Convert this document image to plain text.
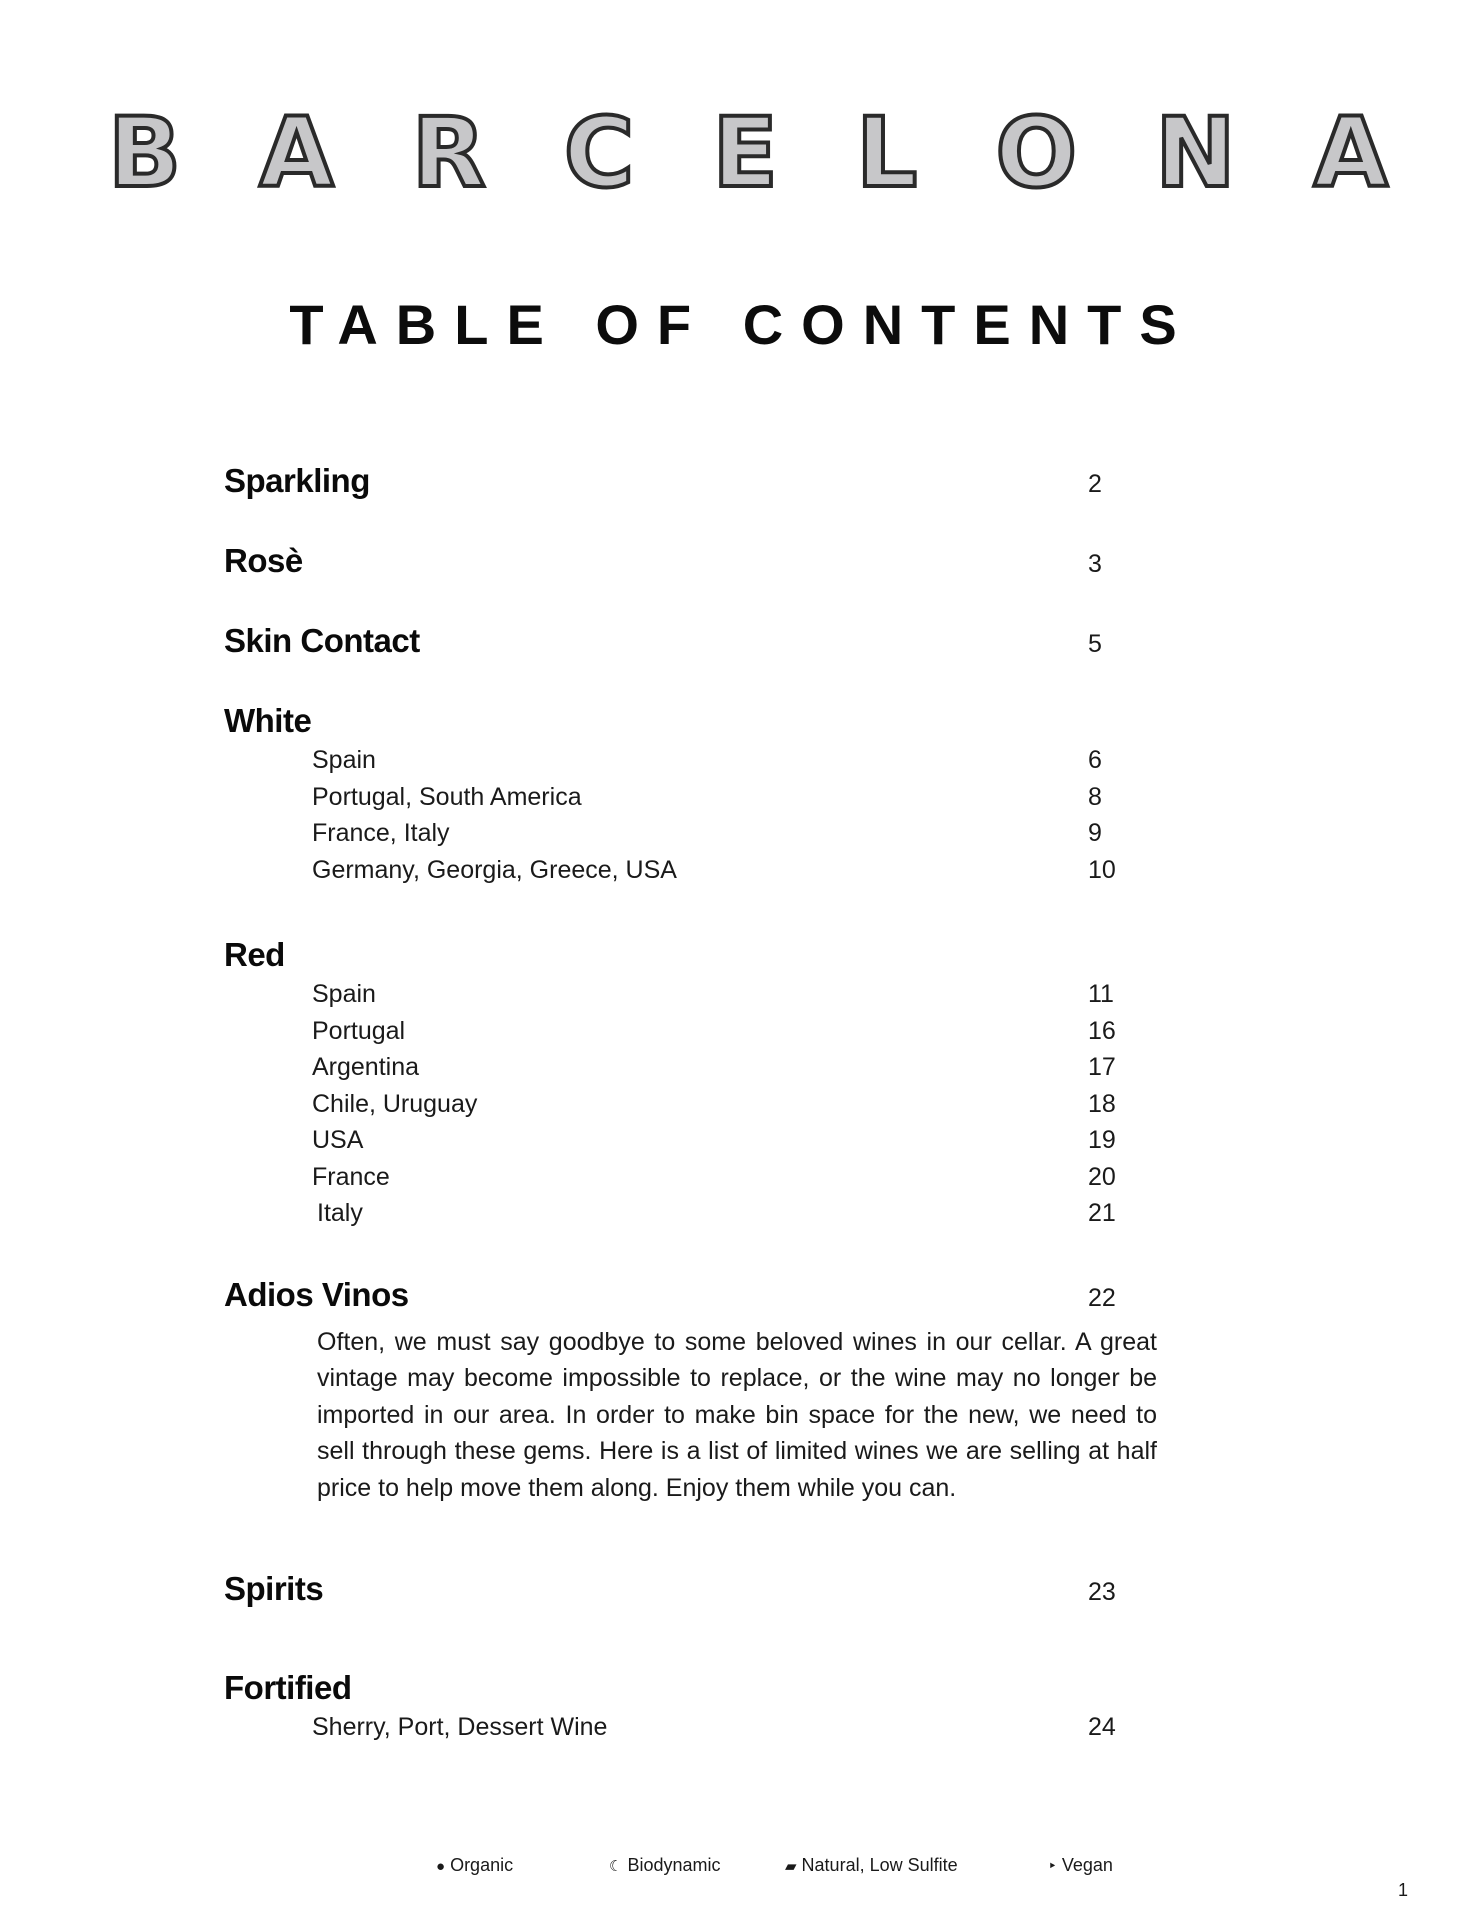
B A R C E L O N A
TABLE OF CONTENTS
Sparkling	2
Rosè	3
Skin Contact	5
White
Spain	6
Portugal, South America	8
France, Italy	9
Germany, Georgia, Greece, USA	10
Red
Spain	11
Portugal	16
Argentina	17
Chile, Uruguay	18
USA	19
France	20
Italy	21
Adios Vinos	22
Often, we must say goodbye to some beloved wines in our cellar. A great vintage may become impossible to replace, or the wine may no longer be imported in our area. In order to make bin space for the new, we need to sell through these gems. Here is a list of limited wines we are selling at half price to help move them along. Enjoy them while you can.
Spirits	23
Fortified
Sherry, Port, Dessert Wine	24
● Organic	☾ Biodynamic	▰ Natural, Low Sulfite	‣ Vegan
1
